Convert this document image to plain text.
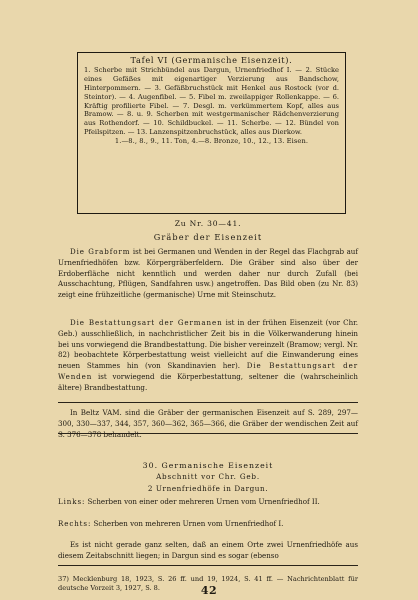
Tafel VI (Germanische Eisenzeit).

1. Scherbe mit Strichbündel aus Dargun, Urnenfriedhof I. — 2. Stücke eines Gefäßes mit eigenartiger Verzierung aus Bandschow, Hinterpommern. — 3. Gefäßbruchstück mit Henkel aus Rostock (vor d. Steintor). — 4. Augenfibel. — 5. Fibel m. zweilappiger Rollenkappe. — 6. Kräftig profilierte Fibel. — 7. Desgl. m. verkümmertem Kopf, alles aus Bramow. — 8. u. 9. Scherben mit westgermanischer Rädchenverzierung aus Rothendorf. — 10. Schildbuckel. — 11. Scherbe. — 12. Bündel von Pfeilspitzen. — 13. Lanzenspitzenbruchstück, alles aus Dierkow.

1.—8., 8., 9., 11. Ton, 4.—8. Bronze, 10., 12., 13. Eisen.

Zu Nr. 30—41.
Gräber der Eisenzeit

Die Grabform ist bei Germanen und Wenden in der Regel das Flachgrab auf Urnenfriedhöfen bzw. Körpergräberfeldern. Die Gräber sind also über der Erdoberfläche nicht kenntlich und werden daher nur durch Zufall (bei Ausschachtung, Pflügen, Sandfahren usw.) angetroffen. Das Bild oben (zu Nr. 83) zeigt eine frühzeitliche (germanische) Urne mit Steinschutz.

Die Bestattungsart der Germanen ist in der frühen Eisenzeit (vor Chr. Geb.) ausschließlich, in nachchristlicher Zeit bis in die Völkerwanderung hinein bei uns vorwiegend die Brandbestattung. Die bisher vereinzelt (Bramow; vergl. Nr. 82) beobachtete Körperbestattung weist vielleicht auf die Einwanderung eines neuen Stammes hin (von Skandinavien her). Die Bestattungsart der Wenden ist vorwiegend die Körperbestattung, seltener die (wahrscheinlich ältere) Brandbestattung.

In Beltz VAM. sind die Gräber der germanischen Eisenzeit auf S. 289, 297—300, 330—337, 344, 357, 360—362, 365—366, die Gräber der wendischen Zeit auf S. 376—378 behandelt.

30. Germanische Eisenzeit
Abschnitt vor Chr. Geb.
2 Urnenfriedhöfe in Dargun.

Links: Scherben von einer oder mehreren Urnen vom Urnenfriedhof II.

Rechts: Scherben von mehreren Urnen vom Urnenfriedhof I.

Es ist nicht gerade ganz selten, daß an einem Orte zwei Urnenfriedhöfe aus diesem Zeitabschnitt liegen; in Dargun sind es sogar (ebenso

37) Mecklenburg 18, 1923, S. 26 ff. und 19, 1924, S. 41 ff. — Nachrichtenblatt für deutsche Vorzeit 3, 1927, S. 8.	42
